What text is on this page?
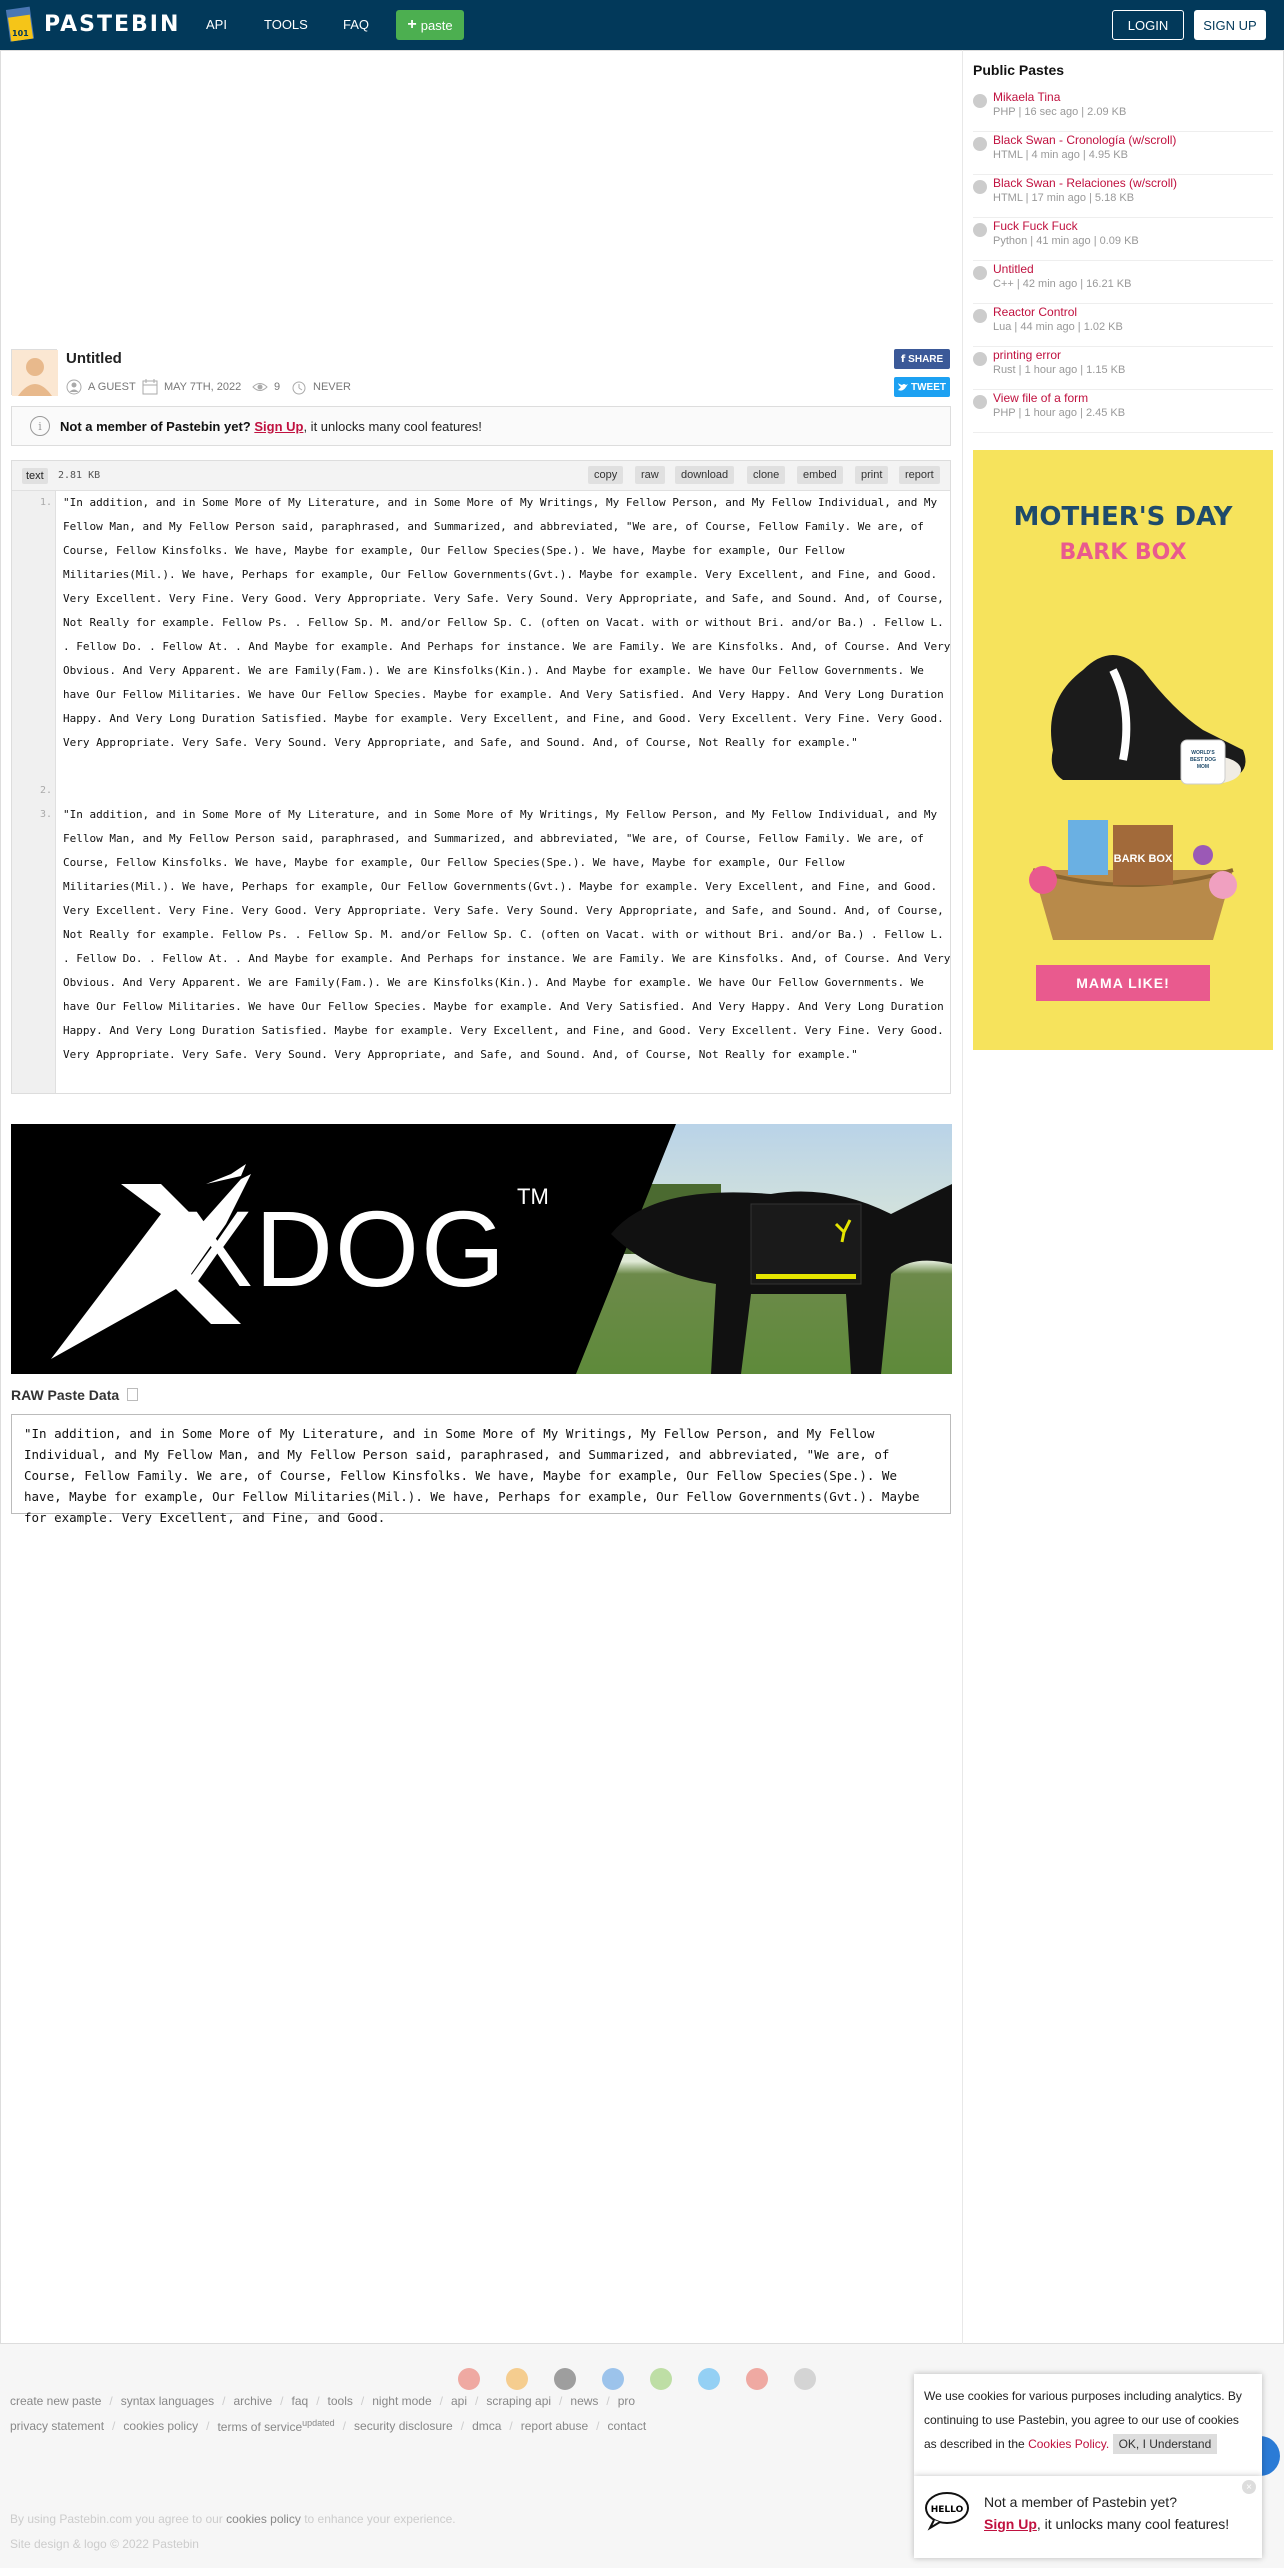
101 PASTEBIN API	TOOLS	FAQ + paste	LOGIN	SIGN UP
Untitled
A GUEST	MAY 7TH, 2022	9	NEVER
f SHARE
TWEET
i	Not a member of Pastebin yet?
Sign Up , it unlocks many cool features!
text	2.81 KB	copy	raw	download	clone	embed	print	report
1.
2.
3.
"In addition, and in Some More of My Literature, and in Some More of My Writings, My Fellow Person, and My Fellow Individual, and My Fellow Man, and My Fellow Person said, paraphrased, and Summarized, and abbreviated, "We are, of Course, Fellow Family. We are, of Course, Fellow Kinsfolks. We have, Maybe for example, Our Fellow Species(Spe.). We have, Maybe for example, Our Fellow Militaries(Mil.). We have, Perhaps for example, Our Fellow Governments(Gvt.). Maybe for example. Very Excellent, and Fine, and Good. Very Excellent. Very Fine. Very Good. Very Appropriate. Very Safe. Very Sound. Very Appropriate, and Safe, and Sound. And, of Course, Not Really for example. Fellow Ps. . Fellow Sp. M. and/or Fellow Sp. C. (often on Vacat. with or without Bri. and/or Ba.) . Fellow L. . Fellow Do. . Fellow At. . And Maybe for example. And Perhaps for instance. We are Family. We are Kinsfolks. And, of Course. And Very Obvious. And Very Apparent. We are Family(Fam.). We are Kinsfolks(Kin.). And Maybe for example. We have Our Fellow Governments. We have Our Fellow Militaries. We have Our Fellow Species. Maybe for example. And Very Satisfied. And Very Happy. And Very Long Duration Happy. And Very Long Duration Satisfied. Maybe for example. Very Excellent, and Fine, and Good. Very Excellent. Very Fine. Very Good. Very Appropriate. Very Safe. Very Sound. Very Appropriate, and Safe, and Sound. And, of Course, Not Really for example."
"In addition, and in Some More of My Literature, and in Some More of My Writings, My Fellow Person, and My Fellow Individual, and My Fellow Man, and My Fellow Person said, paraphrased, and Summarized, and abbreviated, "We are, of Course, Fellow Family. We are, of Course, Fellow Kinsfolks. We have, Maybe for example, Our Fellow Species(Spe.). We have, Maybe for example, Our Fellow Militaries(Mil.). We have, Perhaps for example, Our Fellow Governments(Gvt.). Maybe for example. Very Excellent, and Fine, and Good. Very Excellent. Very Fine. Very Good. Very Appropriate. Very Safe. Very Sound. Very Appropriate, and Safe, and Sound. And, of Course, Not Really for example. Fellow Ps. . Fellow Sp. M. and/or Fellow Sp. C. (often on Vacat. with or without Bri. and/or Ba.) . Fellow L. . Fellow Do. . Fellow At. . And Maybe for example. And Perhaps for instance. We are Family. We are Kinsfolks. And, of Course. And Very Obvious. And Very Apparent. We are Family(Fam.). We are Kinsfolks(Kin.). And Maybe for example. We have Our Fellow Governments. We have Our Fellow Militaries. We have Our Fellow Species. Maybe for example. And Very Satisfied. And Very Happy. And Very Long Duration Happy. And Very Long Duration Satisfied. Maybe for example. Very Excellent, and Fine, and Good. Very Excellent. Very Fine. Very Good. Very Appropriate. Very Safe. Very Sound. Very Appropriate, and Safe, and Sound. And, of Course, Not Really for example."
XDOG TM
RAW Paste Data
"In addition, and in Some More of My Literature, and in Some More of My Writings, My Fellow Person, and My Fellow Individual, and My Fellow Man, and My Fellow Person said, paraphrased, and Summarized, and abbreviated, "We are, of Course, Fellow Family. We are, of Course, Fellow Kinsfolks. We have, Maybe for example, Our Fellow Species(Spe.). We have, Maybe for example, Our Fellow Militaries(Mil.). We have, Perhaps for example, Our Fellow Governments(Gvt.). Maybe for example. Very Excellent, and Fine, and Good.
Public Pastes
Mikaela Tina
PHP | 16 sec ago | 2.09 KB
Black Swan - Cronología (w/scroll)
HTML | 4 min ago | 4.95 KB
Black Swan - Relaciones (w/scroll)
HTML | 17 min ago | 5.18 KB
Fuck Fuck Fuck
Python | 41 min ago | 0.09 KB
Untitled
C++ | 42 min ago | 16.21 KB
Reactor Control
Lua | 44 min ago | 1.02 KB
printing error
Rust | 1 hour ago | 1.15 KB
View file of a form
PHP | 1 hour ago | 2.45 KB
MOTHER'S DAY
BARK BOX
WORLD'S BEST DOG MOM
BARK BOX
MAMA LIKE!
create new paste / syntax languages / archive / faq / tools / night mode / api / scraping api / news / pro
privacy statement / cookies policy / terms of service$^{updated}$ / security disclosure / dmca / report abuse / contact
By using Pastebin.com you agree to our cookies policy to enhance your experience.
Site design & logo © 2022 Pastebin
We use cookies for various purposes including analytics. By continuing to use Pastebin, you agree to our use of cookies as described in the Cookies Policy. OK, I Understand
HELLO Not a member of Pastebin yet?
Sign Up, it unlocks many cool features!
×
